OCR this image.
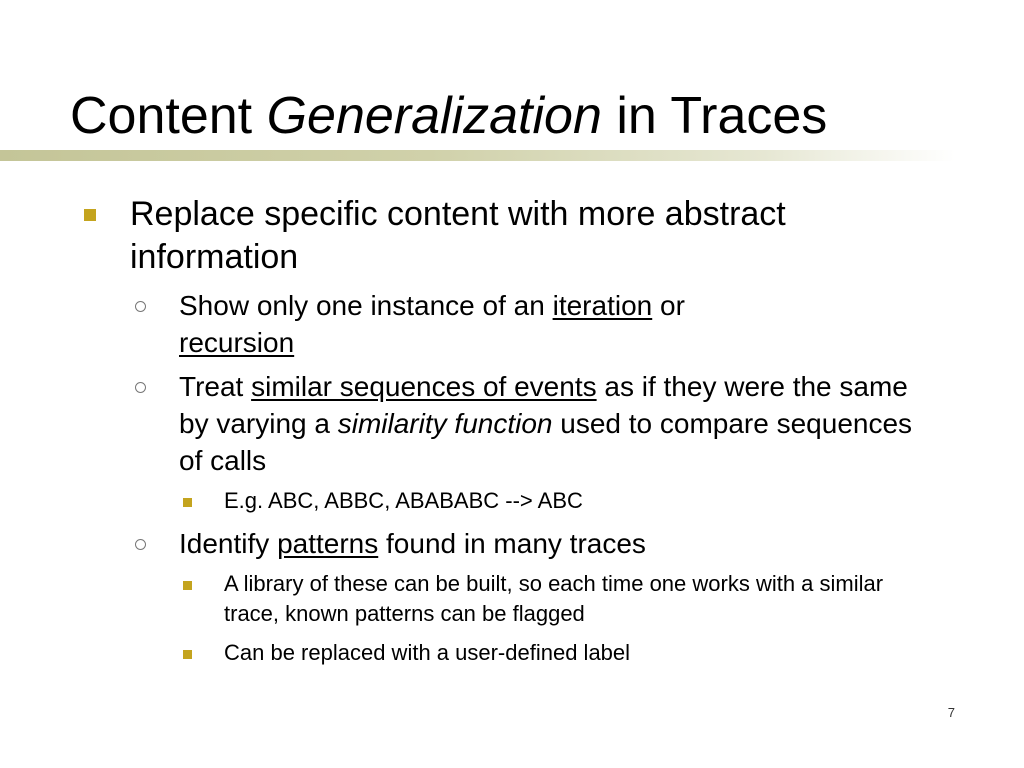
Content Generalization in Traces
Replace specific content with more abstract information
Show only one instance of an iteration or
recursion
Treat similar sequences of events as if they were the same by varying a similarity function used to compare sequences of calls
E.g. ABC, ABBC, ABABABC --> ABC
Identify patterns found in many traces
A library of these can be built, so each time one works with a similar trace, known patterns can be flagged
Can be replaced with a user-defined label
7
